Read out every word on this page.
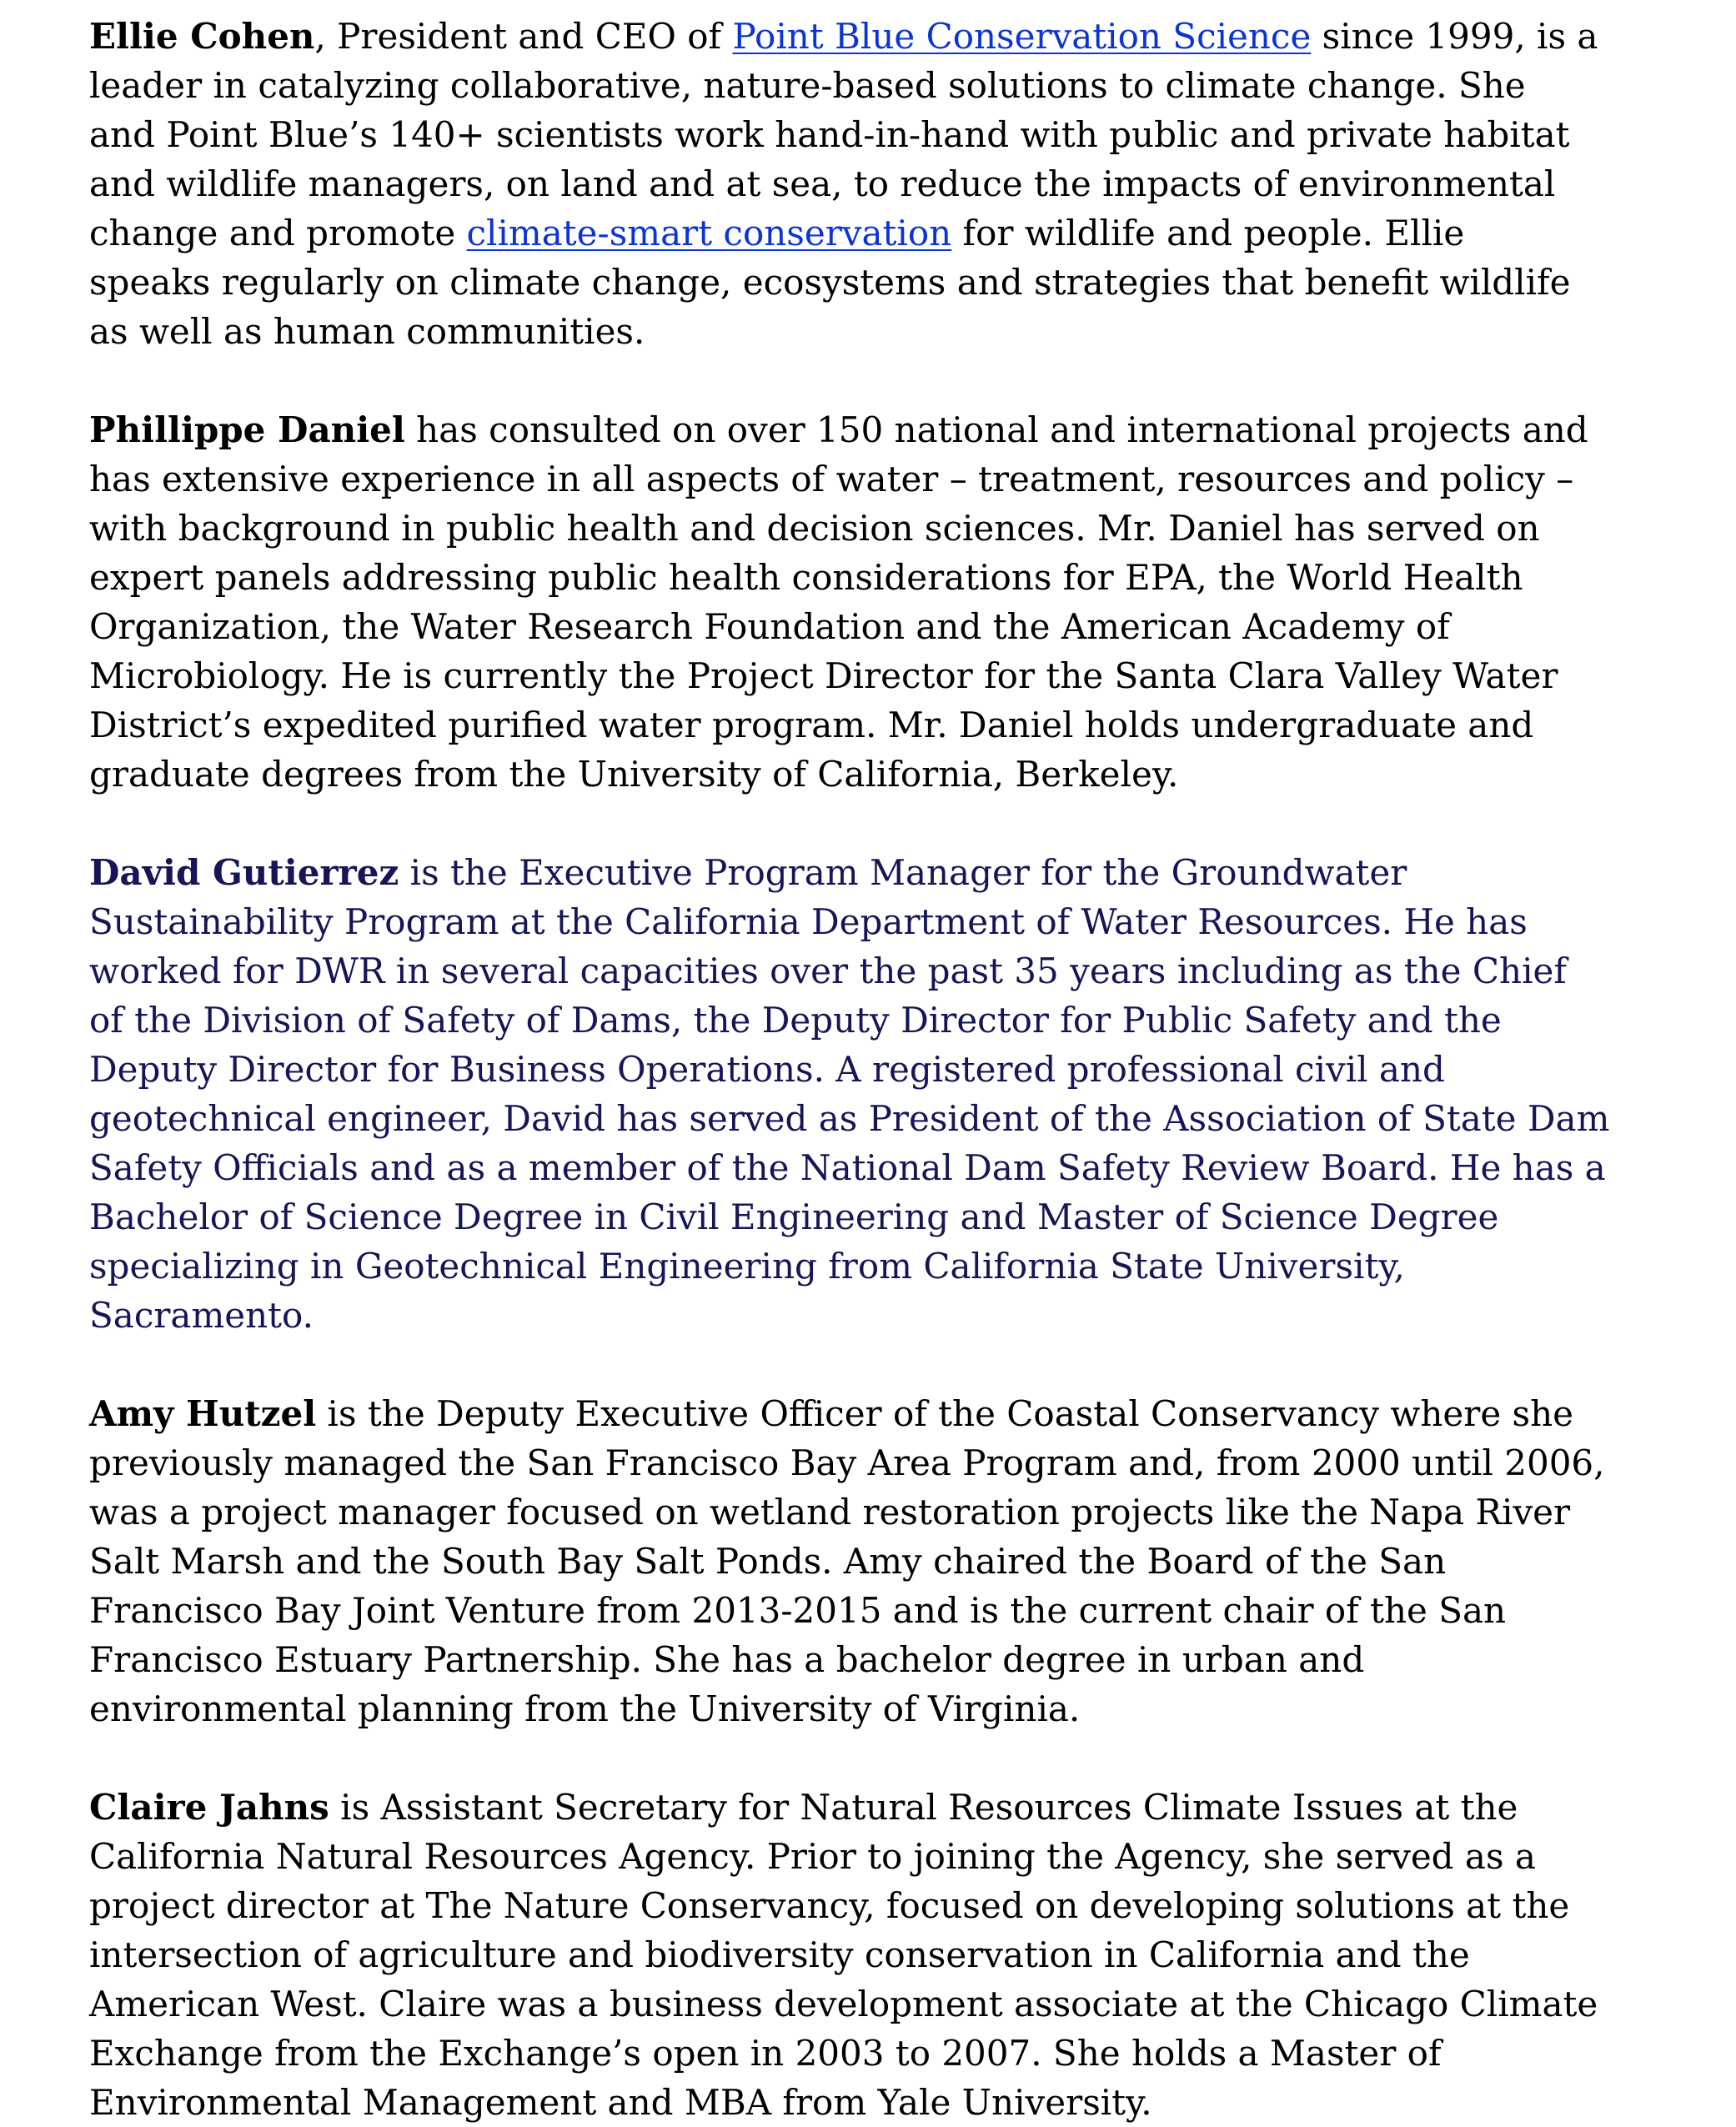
Ellie Cohen, President and CEO of Point Blue Conservation Science since 1999, is a
leader in catalyzing collaborative, nature-based solutions to climate change. She
and Point Blue’s 140+ scientists work hand-in-hand with public and private habitat
and wildlife managers, on land and at sea, to reduce the impacts of environmental
change and promote climate-smart conservation for wildlife and people. Ellie
speaks regularly on climate change, ecosystems and strategies that benefit wildlife
as well as human communities.
Phillippe Daniel has consulted on over 150 national and international projects and
has extensive experience in all aspects of water – treatment, resources and policy –
with background in public health and decision sciences. Mr. Daniel has served on
expert panels addressing public health considerations for EPA, the World Health
Organization, the Water Research Foundation and the American Academy of
Microbiology. He is currently the Project Director for the Santa Clara Valley Water
District’s expedited purified water program. Mr. Daniel holds undergraduate and
graduate degrees from the University of California, Berkeley.
David Gutierrez is the Executive Program Manager for the Groundwater
Sustainability Program at the California Department of Water Resources. He has
worked for DWR in several capacities over the past 35 years including as the Chief
of the Division of Safety of Dams, the Deputy Director for Public Safety and the
Deputy Director for Business Operations. A registered professional civil and
geotechnical engineer, David has served as President of the Association of State Dam
Safety Officials and as a member of the National Dam Safety Review Board. He has a
Bachelor of Science Degree in Civil Engineering and Master of Science Degree
specializing in Geotechnical Engineering from California State University,
Sacramento.
Amy Hutzel is the Deputy Executive Officer of the Coastal Conservancy where she
previously managed the San Francisco Bay Area Program and, from 2000 until 2006,
was a project manager focused on wetland restoration projects like the Napa River
Salt Marsh and the South Bay Salt Ponds. Amy chaired the Board of the San
Francisco Bay Joint Venture from 2013-2015 and is the current chair of the San
Francisco Estuary Partnership. She has a bachelor degree in urban and
environmental planning from the University of Virginia.
Claire Jahns is Assistant Secretary for Natural Resources Climate Issues at the
California Natural Resources Agency. Prior to joining the Agency, she served as a
project director at The Nature Conservancy, focused on developing solutions at the
intersection of agriculture and biodiversity conservation in California and the
American West. Claire was a business development associate at the Chicago Climate
Exchange from the Exchange’s open in 2003 to 2007. She holds a Master of
Environmental Management and MBA from Yale University.
